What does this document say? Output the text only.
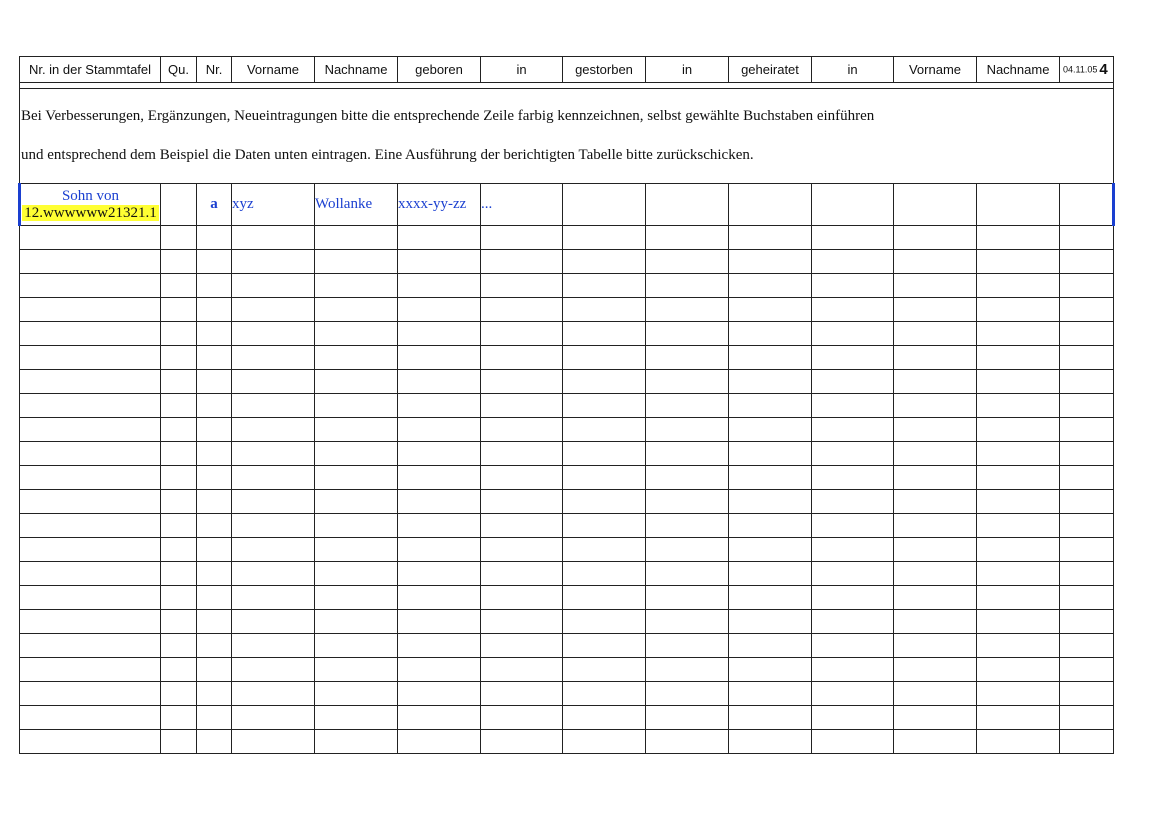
Nr. in der Stammtafel	Qu.	Nr.	Vorname	Nachname	geboren	in	gestorben	in	geheiratet	in	Vorname	Nachname	04.11.05 4

Bei Verbesserungen, Ergänzungen, Neueintragungen bitte die entsprechende Zeile farbig kennzeichnen, selbst gewählte Buchstaben einführen
und entsprechend dem Beispiel die Daten unten eintragen. Eine Ausführung der berichtigten Tabelle bitte zurückschicken.													

Sohn von
12.wwwwww21321.1		a	xyz	Wollanke	xxxx-yy-zz	...							
